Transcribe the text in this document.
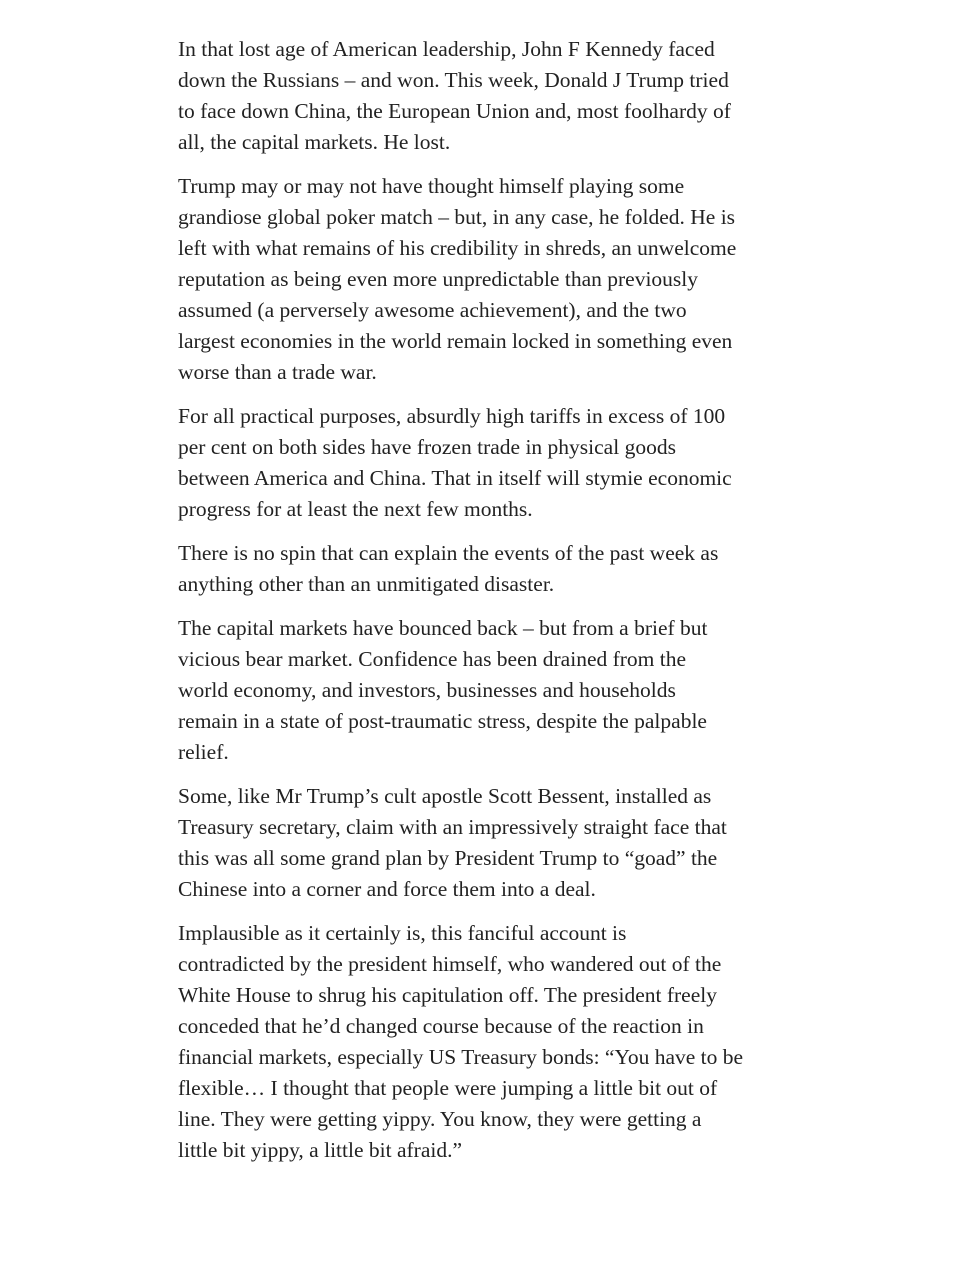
In that lost age of American leadership, John F Kennedy faced
down the Russians – and won. This week, Donald J Trump tried
to face down China, the European Union and, most foolhardy of
all, the capital markets. He lost.

Trump may or may not have thought himself playing some
grandiose global poker match – but, in any case, he folded. He is
left with what remains of his credibility in shreds, an unwelcome
reputation as being even more unpredictable than previously
assumed (a perversely awesome achievement), and the two
largest economies in the world remain locked in something even
worse than a trade war.

For all practical purposes, absurdly high tariffs in excess of 100
per cent on both sides have frozen trade in physical goods
between America and China. That in itself will stymie economic
progress for at least the next few months.

There is no spin that can explain the events of the past week as
anything other than an unmitigated disaster.

The capital markets have bounced back – but from a brief but
vicious bear market. Confidence has been drained from the
world economy, and investors, businesses and households
remain in a state of post-traumatic stress, despite the palpable
relief.

Some, like Mr Trump’s cult apostle Scott Bessent, installed as
Treasury secretary, claim with an impressively straight face that
this was all some grand plan by President Trump to “goad” the
Chinese into a corner and force them into a deal.

Implausible as it certainly is, this fanciful account is
contradicted by the president himself, who wandered out of the
White House to shrug his capitulation off. The president freely
conceded that he’d changed course because of the reaction in
financial markets, especially US Treasury bonds: “You have to be
flexible… I thought that people were jumping a little bit out of
line. They were getting yippy. You know, they were getting a
little bit yippy, a little bit afraid.”
